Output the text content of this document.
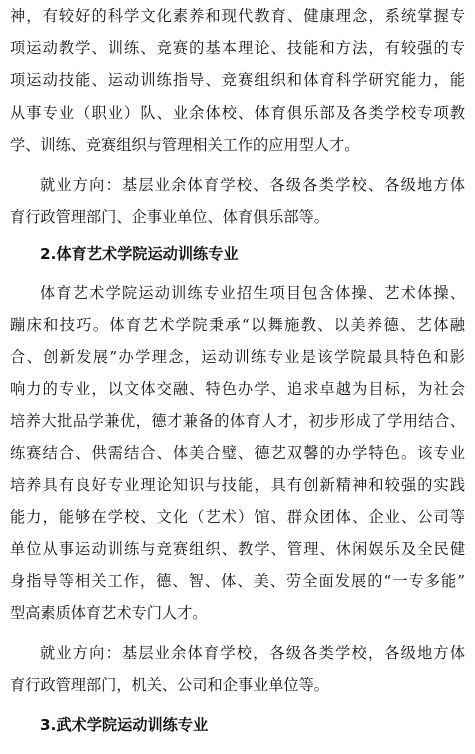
神，有较好的科学文化素养和现代教育、健康理念，系统掌握专
项运动教学、训练、竞赛的基本理论、技能和方法，有较强的专
项运动技能、运动训练指导、竞赛组织和体育科学研究能力，能
从事专业（职业）队、业余体校、体育俱乐部及各类学校专项教
学、训练、竞赛组织与管理相关工作的应用型人才。
就业方向：基层业余体育学校、各级各类学校、各级地方体
育行政管理部门、企事业单位、体育俱乐部等。
2.体育艺术学院运动训练专业
体育艺术学院运动训练专业招生项目包含体操、艺术体操、
蹦床和技巧。体育艺术学院秉承“以舞施教、以美养德、艺体融
合、创新发展”办学理念，运动训练专业是该学院最具特色和影
响力的专业，以文体交融、特色办学、追求卓越为目标，为社会
培养大批品学兼优，德才兼备的体育人才，初步形成了学用结合、
练赛结合、供需结合、体美合璧、德艺双馨的办学特色。该专业
培养具有良好专业理论知识与技能，具有创新精神和较强的实践
能力，能够在学校、文化（艺术）馆、群众团体、企业、公司等
单位从事运动训练与竞赛组织、教学、管理、休闲娱乐及全民健
身指导等相关工作，德、智、体、美、劳全面发展的“一专多能”
型高素质体育艺术专门人才。
就业方向：基层业余体育学校，各级各类学校，各级地方体
育行政管理部门，机关、公司和企事业单位等。
3.武术学院运动训练专业
